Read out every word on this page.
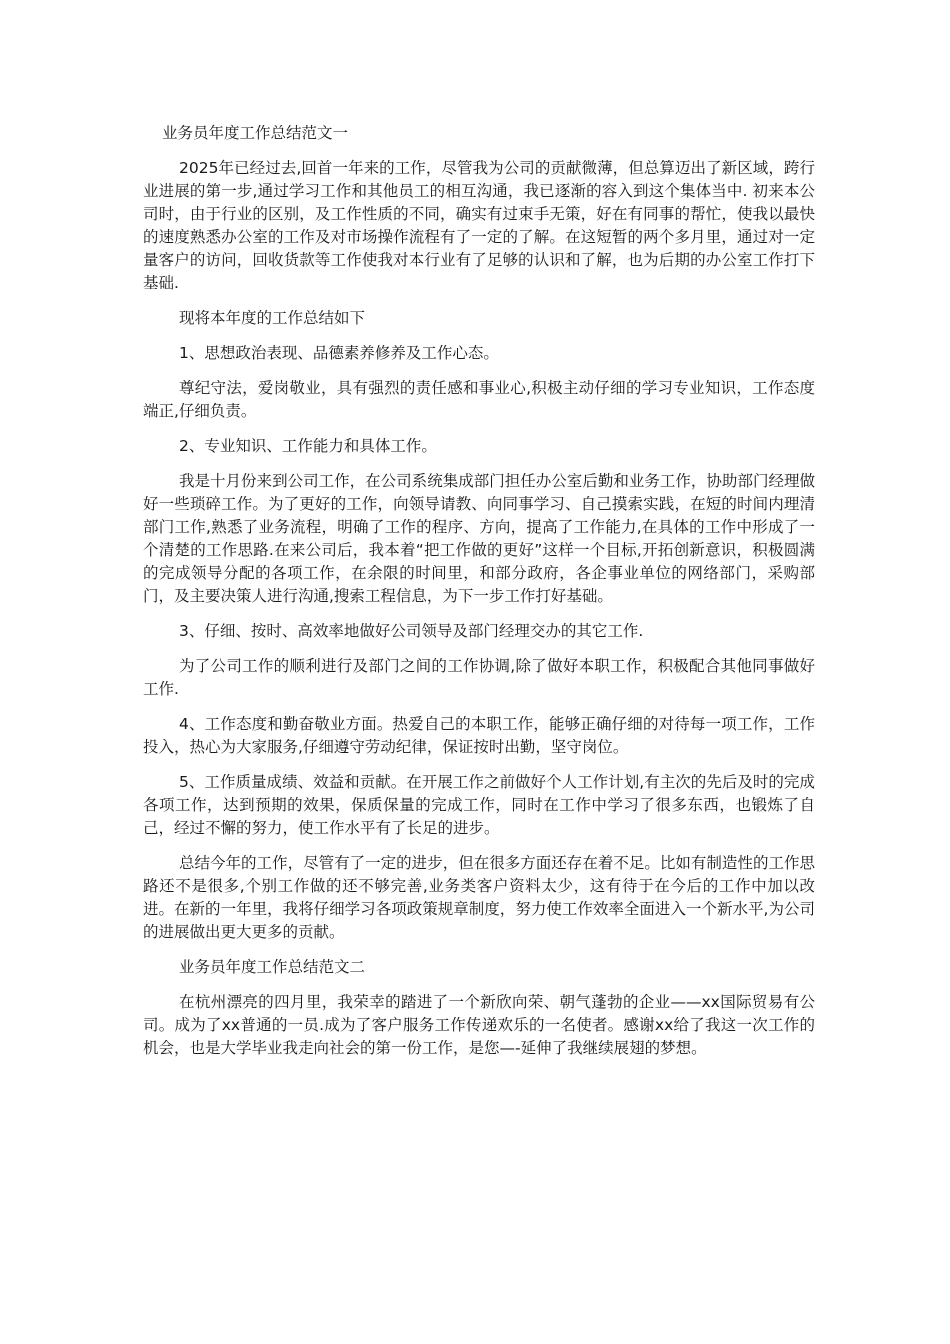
业务员年度工作总结范文一

2025年已经过去,回首一年来的工作，尽管我为公司的贡献微薄，但总算迈出了新区域，跨行业进展的第一步,通过学习工作和其他员工的相互沟通，我已逐渐的容入到这个集体当中. 初来本公司时，由于行业的区别，及工作性质的不同，确实有过束手无策，好在有同事的帮忙，使我以最快的速度熟悉办公室的工作及对市场操作流程有了一定的了解。在这短暂的两个多月里，通过对一定量客户的访问，回收货款等工作使我对本行业有了足够的认识和了解，也为后期的办公室工作打下基础.

现将本年度的工作总结如下

1、思想政治表现、品德素养修养及工作心态。

尊纪守法，爱岗敬业，具有强烈的责任感和事业心,积极主动仔细的学习专业知识，工作态度端正,仔细负责。

2、专业知识、工作能力和具体工作。

我是十月份来到公司工作，在公司系统集成部门担任办公室后勤和业务工作，协助部门经理做好一些琐碎工作。为了更好的工作，向领导请教、向同事学习、自己摸索实践，在短的时间内理清部门工作,熟悉了业务流程，明确了工作的程序、方向，提高了工作能力,在具体的工作中形成了一个清楚的工作思路.在来公司后，我本着“把工作做的更好”这样一个目标,开拓创新意识，积极圆满的完成领导分配的各项工作，在余限的时间里，和部分政府，各企事业单位的网络部门，采购部门，及主要决策人进行沟通,搜索工程信息，为下一步工作打好基础。

3、仔细、按时、高效率地做好公司领导及部门经理交办的其它工作.

为了公司工作的顺利进行及部门之间的工作协调,除了做好本职工作，积极配合其他同事做好工作.

4、工作态度和勤奋敬业方面。热爱自己的本职工作，能够正确仔细的对待每一项工作，工作投入，热心为大家服务,仔细遵守劳动纪律，保证按时出勤，坚守岗位。

5、工作质量成绩、效益和贡献。在开展工作之前做好个人工作计划,有主次的先后及时的完成各项工作，达到预期的效果，保质保量的完成工作，同时在工作中学习了很多东西，也锻炼了自己，经过不懈的努力，使工作水平有了长足的进步。

总结今年的工作，尽管有了一定的进步，但在很多方面还存在着不足。比如有制造性的工作思路还不是很多,个别工作做的还不够完善,业务类客户资料太少，这有待于在今后的工作中加以改进。在新的一年里，我将仔细学习各项政策规章制度，努力使工作效率全面进入一个新水平,为公司的进展做出更大更多的贡献。

业务员年度工作总结范文二

在杭州漂亮的四月里，我荣幸的踏进了一个新欣向荣、朝气蓬勃的企业——xx国际贸易有公司。成为了xx普通的一员.成为了客户服务工作传递欢乐的一名使者。感谢xx给了我这一次工作的机会，也是大学毕业我走向社会的第一份工作，是您—-延伸了我继续展翅的梦想。
